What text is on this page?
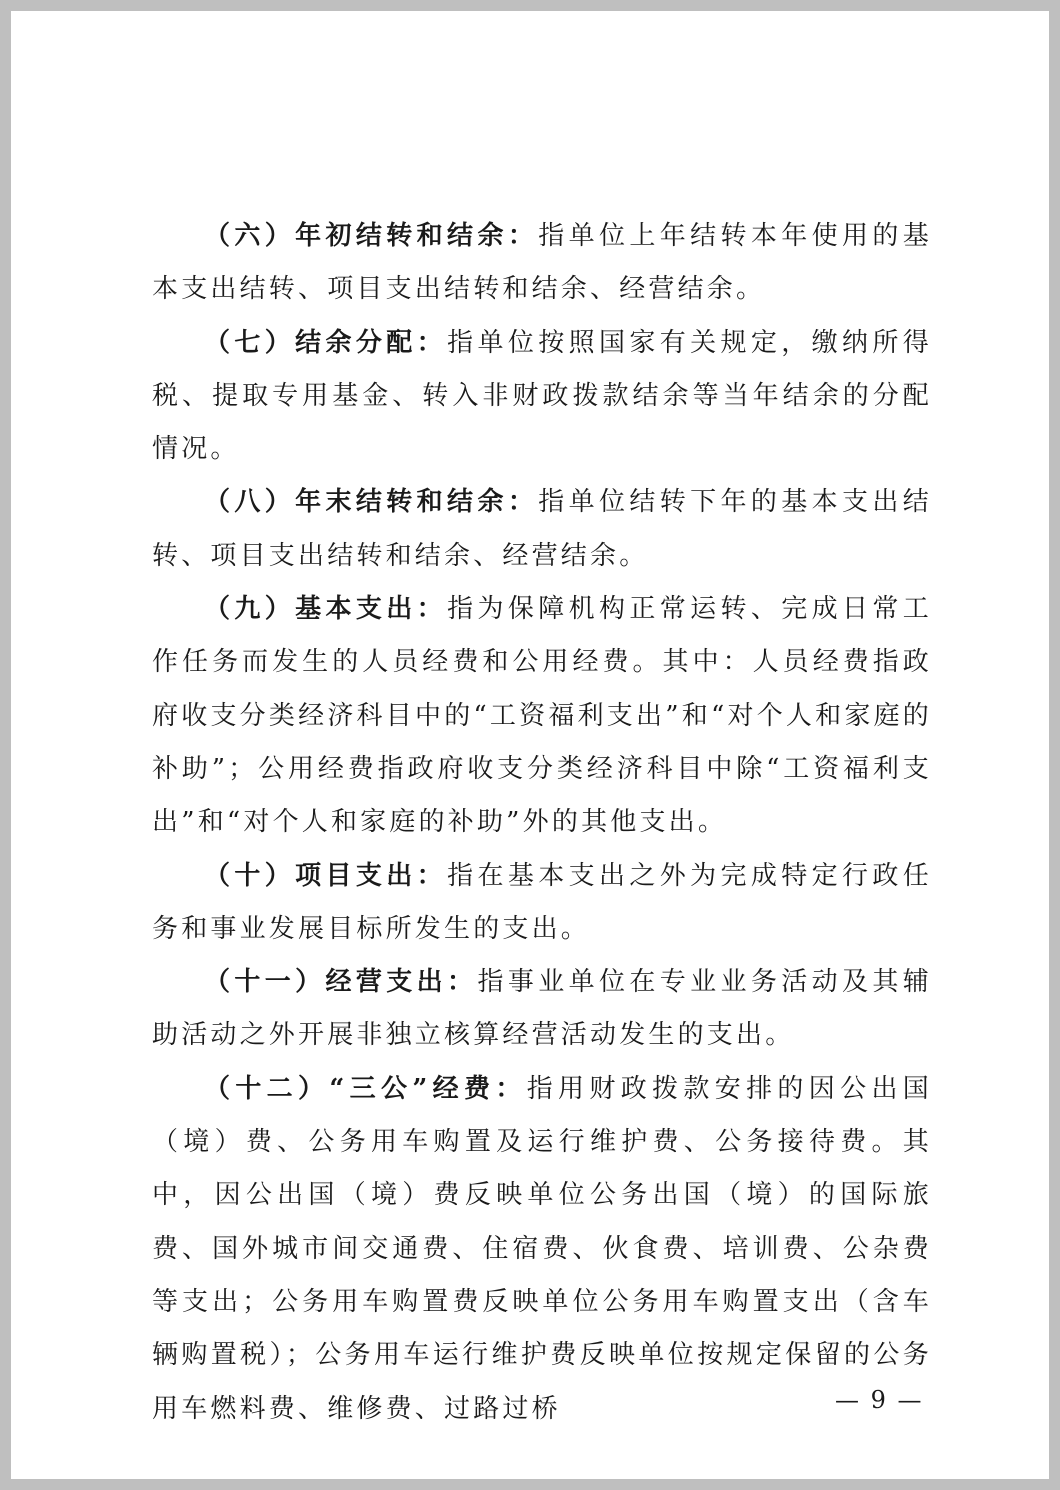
（六）年初结转和结余：指单位上年结转本年使用的基本支出结转、项目支出结转和结余、经营结余。

（七）结余分配：指单位按照国家有关规定，缴纳所得税、提取专用基金、转入非财政拨款结余等当年结余的分配情况。

（八）年末结转和结余：指单位结转下年的基本支出结转、项目支出结转和结余、经营结余。

（九）基本支出：指为保障机构正常运转、完成日常工作任务而发生的人员经费和公用经费。其中：人员经费指政府收支分类经济科目中的“工资福利支出”和“对个人和家庭的补助”；公用经费指政府收支分类经济科目中除“工资福利支出”和“对个人和家庭的补助”外的其他支出。

（十）项目支出：指在基本支出之外为完成特定行政任务和事业发展目标所发生的支出。

（十一）经营支出：指事业单位在专业业务活动及其辅助活动之外开展非独立核算经营活动发生的支出。

（十二）“三公”经费：指用财政拨款安排的因公出国（境）费、公务用车购置及运行维护费、公务接待费。其中，因公出国（境）费反映单位公务出国（境）的国际旅费、国外城市间交通费、住宿费、伙食费、培训费、公杂费等支出；公务用车购置费反映单位公务用车购置支出（含车辆购置税）；公务用车运行维护费反映单位按规定保留的公务用车燃料费、维修费、过路过桥	— 9 —
